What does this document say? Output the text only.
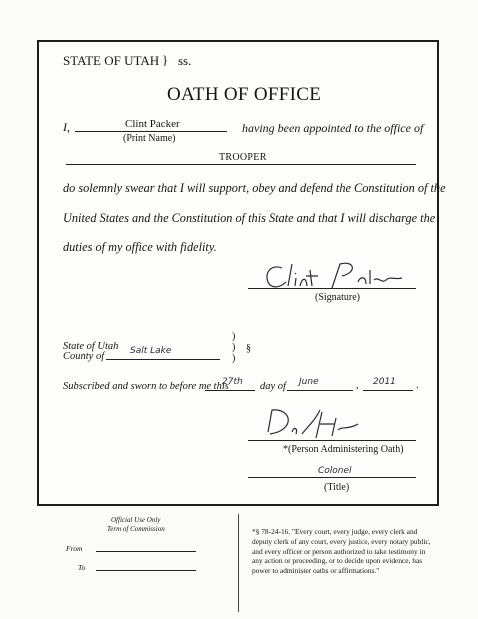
STATE OF UTAH } ss.
OATH OF OFFICE
I,	Clint Packer
(Print Name)
having been appointed to the office of
TROOPER
do solemnly swear that I will support, obey and defend the Constitution of the
United States and the Constitution of this State and that I will discharge the
duties of my office with fidelity.
(Signature)
State of Utah
County of	Salt Lake
)
)
)
§
Subscribed and sworn to before me this
27th day of June	, 2011 .
*(Person Administering Oath)
Colonel
(Title)
Official Use Only
Term of Commission
From
To
*§ 78-24-16. "Every court, every judge, every clerk and
deputy clerk of any court, every justice, every notary public,
and every officer or person authorized to take testimony in
any action or proceeding, or to decide upon evidence, has
power to administer oaths or affirmations."
